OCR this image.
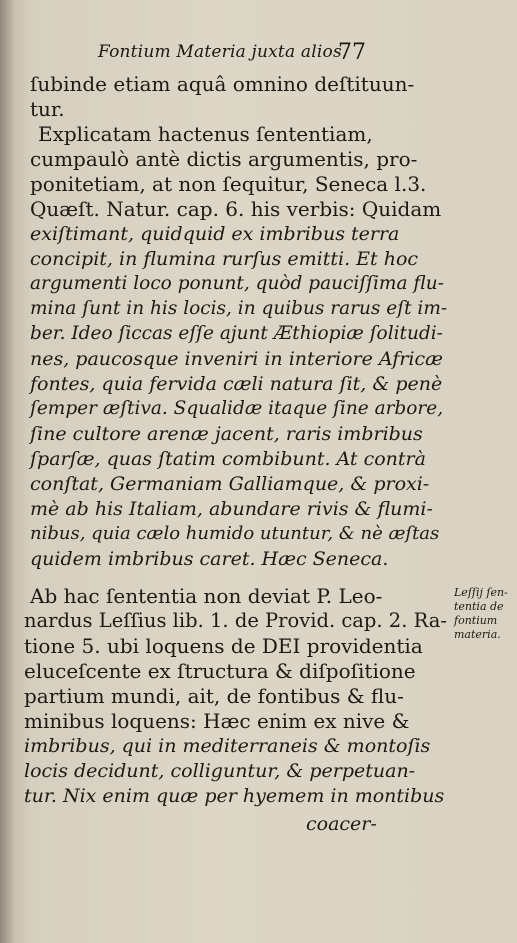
Fontium Materia juxta alios.
77
ſubinde etiam aquâ omnino deſtituun-
tur.
Explicatam hactenus ſententiam,
cumpaulò antè dictis argumentis, pro-
ponitetiam, at non ſequitur, Seneca l.3.
Quæſt. Natur. cap. 6. his verbis: Quidam
exiſtimant, quidquid ex imbribus terra
concipit, in flumina rurſus emitti. Et hoc
argumenti loco ponunt, quòd pauciſſima flu-
mina ſunt in his locis, in quibus rarus eſt im-
ber. Ideo ſiccas eſſe ajunt Æthiopiæ ſolitudi-
nes, paucosque inveniri in interiore Africæ
fontes, quia fervida cæli natura ſit, & penè
ſemper æſtiva. Squalidæ itaque ſine arbore,
ſine cultore arenæ jacent, raris imbribus
ſparſæ, quas ſtatim combibunt. At contrà
conſtat, Germaniam Galliamque, & proxi-
mè ab his Italiam, abundare rivis & flumi-
nibus, quia cælo humido utuntur, & nè æſtas
quidem imbribus caret. Hæc Seneca.
Ab hac ſententia non deviat P. Leo-
nardus Leſſius lib. 1. de Provid. cap. 2. Ra-
tione 5. ubi loquens de DEI providentia
eluceſcente ex ſtructura & diſpoſitione
partium mundi, ait, de fontibus & flu-
minibus loquens: Hæc enim ex nive &
imbribus, qui in mediterraneis & montoſis
locis decidunt, colliguntur, & perpetuan-
tur. Nix enim quæ per hyemem in montibus
coacer-
Leſſij ſen-
tentia de
fontium
materia.
